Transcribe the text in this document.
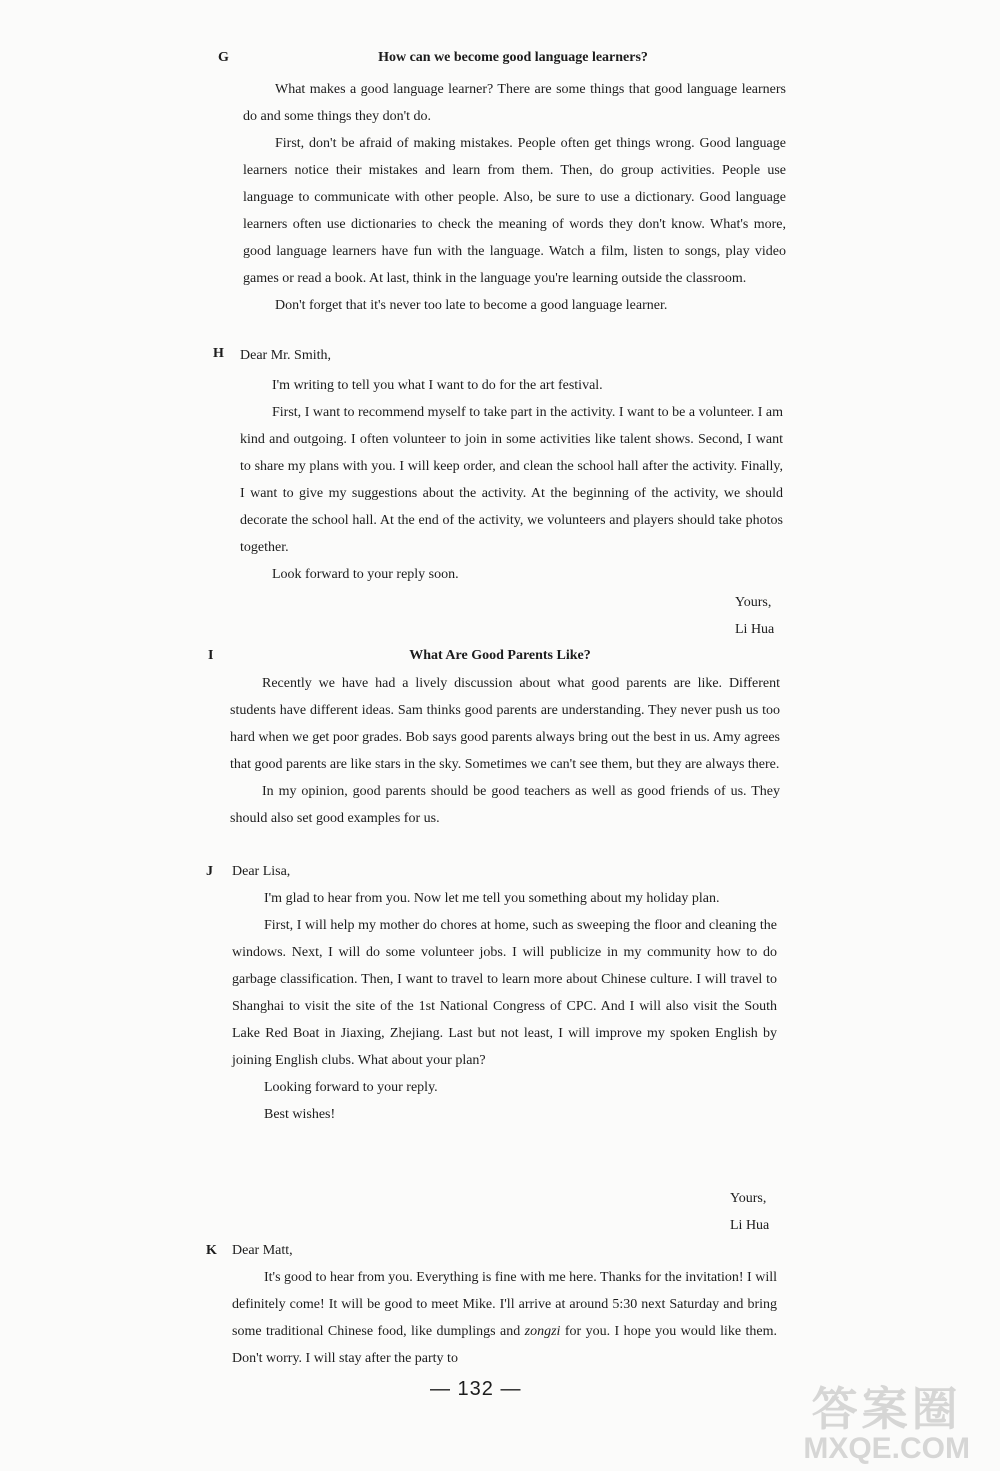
G	How can we become good language learners?

What makes a good language learner? There are some things that good language learners do and some things they don't do.

First, don't be afraid of making mistakes. People often get things wrong. Good language learners notice their mistakes and learn from them. Then, do group activities. People use language to communicate with other people. Also, be sure to use a dictionary. Good language learners often use dictionaries to check the meaning of words they don't know. What's more, good language learners have fun with the language. Watch a film, listen to songs, play video games or read a book. At last, think in the language you're learning outside the classroom.

Don't forget that it's never too late to become a good language learner.

H Dear Mr. Smith,

I'm writing to tell you what I want to do for the art festival.

First, I want to recommend myself to take part in the activity. I want to be a volunteer. I am kind and outgoing. I often volunteer to join in some activities like talent shows. Second, I want to share my plans with you. I will keep order, and clean the school hall after the activity. Finally, I want to give my suggestions about the activity. At the beginning of the activity, we should decorate the school hall. At the end of the activity, we volunteers and players should take photos together.

Look forward to your reply soon.

Yours,
Li Hua
I	What Are Good Parents Like?

Recently we have had a lively discussion about what good parents are like. Different students have different ideas. Sam thinks good parents are understanding. They never push us too hard when we get poor grades. Bob says good parents always bring out the best in us. Amy agrees that good parents are like stars in the sky. Sometimes we can't see them, but they are always there.

In my opinion, good parents should be good teachers as well as good friends of us. They should also set good examples for us.

J Dear Lisa,

I'm glad to hear from you. Now let me tell you something about my holiday plan.

First, I will help my mother do chores at home, such as sweeping the floor and cleaning the windows. Next, I will do some volunteer jobs. I will publicize in my community how to do garbage classification. Then, I want to travel to learn more about Chinese culture. I will travel to Shanghai to visit the site of the 1st National Congress of CPC. And I will also visit the South Lake Red Boat in Jiaxing, Zhejiang. Last but not least, I will improve my spoken English by joining English clubs. What about your plan?

Looking forward to your reply.

Best wishes!

Yours,
Li Hua
K Dear Matt,

It's good to hear from you. Everything is fine with me here. Thanks for the invitation! I will definitely come! It will be good to meet Mike. I'll arrive at around 5:30 next Saturday and bring some traditional Chinese food, like dumplings and zongzi for you. I hope you would like them. Don't worry. I will stay after the party to

— 132 —	答案圈
MXQE.COM
